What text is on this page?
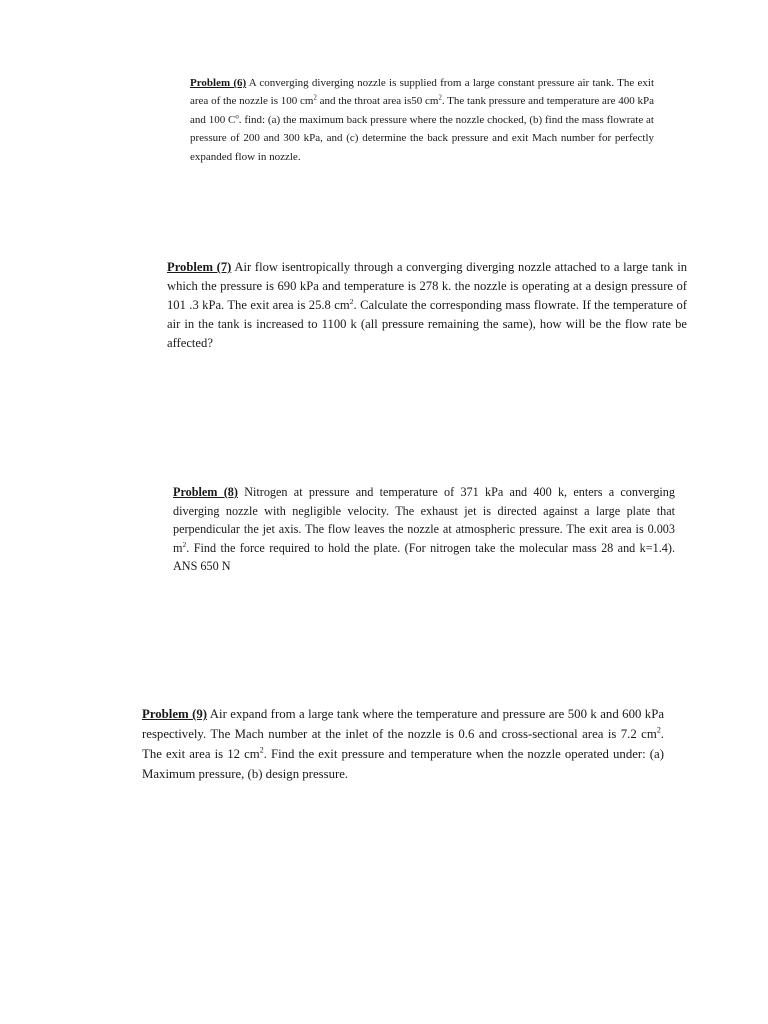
Problem (6) A converging diverging nozzle is supplied from a large constant pressure air tank. The exit area of the nozzle is 100 $cm^2$ and the throat area is50 $cm^2$. The tank pressure and temperature are 400 kPa and 100 $C^o$. find: (a) the maximum back pressure where the nozzle chocked, (b) find the mass flowrate at pressure of 200 and 300 kPa, and (c) determine the back pressure and exit Mach number for perfectly expanded flow in nozzle.

Problem (7) Air flow isentropically through a converging diverging nozzle attached to a large tank in which the pressure is 690 kPa and temperature is 278 k. the nozzle is operating at a design pressure of 101 .3 kPa. The exit area is 25.8 $cm^2$. Calculate the corresponding mass flowrate. If the temperature of air in the tank is increased to 1100 k (all pressure remaining the same), how will be the flow rate be affected?

Problem (8) Nitrogen at pressure and temperature of 371 kPa and 400 k, enters a converging diverging nozzle with negligible velocity. The exhaust jet is directed against a large plate that perpendicular the jet axis. The flow leaves the nozzle at atmospheric pressure. The exit area is 0.003 $m^2$. Find the force required to hold the plate. (For nitrogen take the molecular mass 28 and k=1.4). ANS 650 N

Problem (9) Air expand from a large tank where the temperature and pressure are 500 k and 600 kPa respectively. The Mach number at the inlet of the nozzle is 0.6 and cross-sectional area is 7.2 $cm^2$. The exit area is 12 $cm^2$. Find the exit pressure and temperature when the nozzle operated under: (a) Maximum pressure, (b) design pressure.
